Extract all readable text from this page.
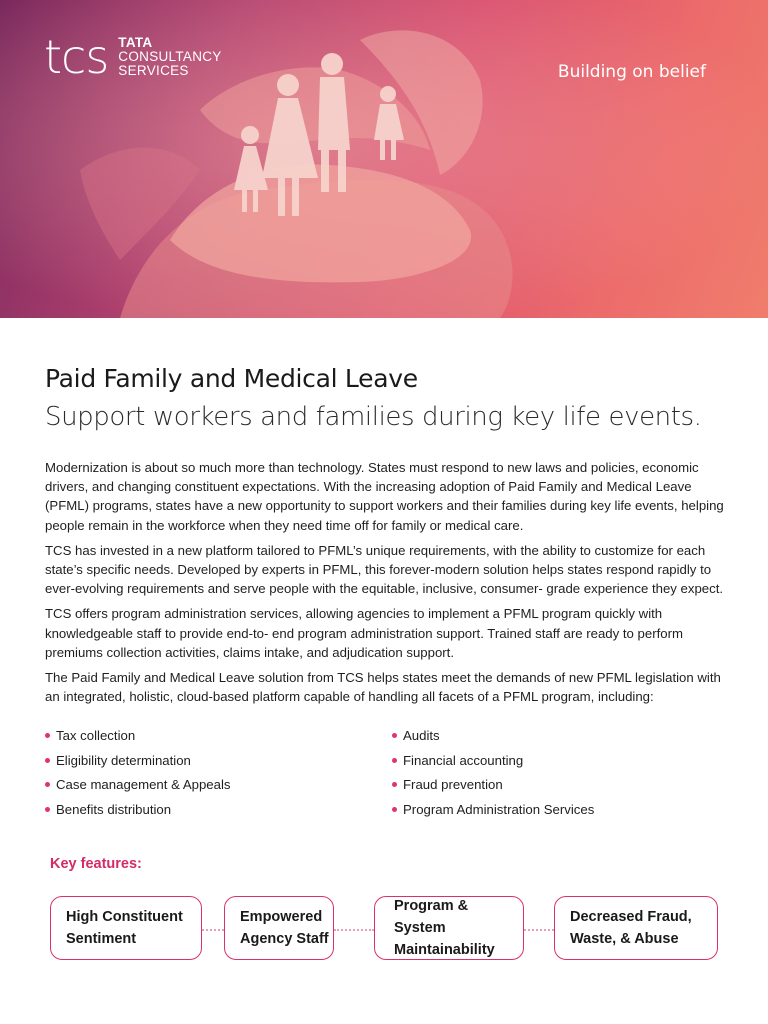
tcs TATA
CONSULTANCY
SERVICES	Building on belief
Paid Family and Medical Leave
Support workers and families during key life events.

Modernization is about so much more than technology. States must respond to new laws and policies, economic drivers, and changing constituent expectations. With the increasing adoption of Paid Family and Medical Leave (PFML) programs, states have a new opportunity to support workers and their families during key life events, helping people remain in the workforce when they need time off for family or medical care.

TCS has invested in a new platform tailored to PFML’s unique requirements, with the ability to customize for each state’s specific needs. Developed by experts in PFML, this forever-modern solution helps states respond rapidly to ever-evolving requirements and serve people with the equitable, inclusive, consumer- grade experience they expect.

TCS offers program administration services, allowing agencies to implement a PFML program quickly with knowledgeable staff to provide end-to- end program administration support. Trained staff are ready to perform premiums collection activities, claims intake, and adjudication support.

The Paid Family and Medical Leave solution from TCS helps states meet the demands of new PFML legislation with an integrated, holistic, cloud-based platform capable of handling all facets of a PFML program, including:

Tax collection
Eligibility determination
Case management & Appeals
Benefits distribution
Audits
Financial accounting
Fraud prevention
Program Administration Services
Key features:
High Constituent
Sentiment
Empowered
Agency Staff
Program & System
Maintainability
Decreased Fraud,
Waste, & Abuse
